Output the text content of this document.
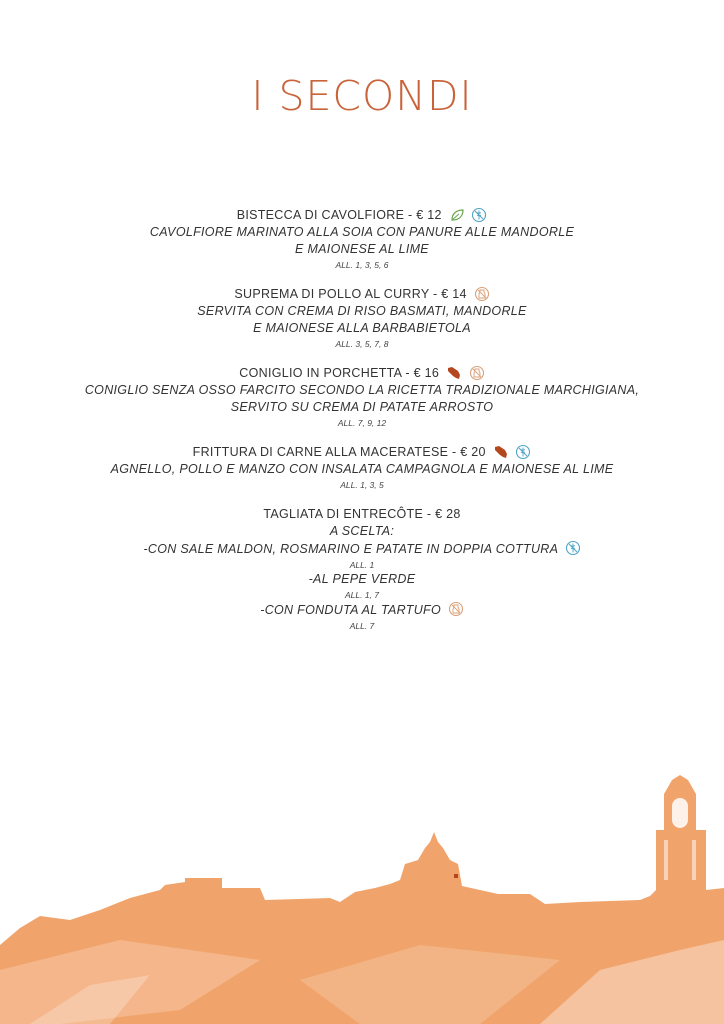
I SECONDI
BISTECCA DI CAVOLFIORE - € 12
CAVOLFIORE MARINATO ALLA SOIA CON PANURE ALLE MANDORLE
E MAIONESE AL LIME
ALL. 1, 3, 5, 6
SUPREMA DI POLLO AL CURRY - € 14
SERVITA CON CREMA DI RISO BASMATI, MANDORLE
E MAIONESE ALLA BARBABIETOLA
ALL. 3, 5, 7, 8
CONIGLIO IN PORCHETTA - € 16
CONIGLIO SENZA OSSO FARCITO SECONDO LA RICETTA TRADIZIONALE MARCHIGIANA,
SERVITO SU CREMA DI PATATE ARROSTO
ALL. 7, 9, 12
FRITTURA DI CARNE ALLA MACERATESE - € 20
AGNELLO, POLLO E MANZO CON INSALATA CAMPAGNOLA E MAIONESE AL LIME
ALL. 1, 3, 5
TAGLIATA DI ENTRECÔTE - € 28
A SCELTA:
-CON SALE MALDON, ROSMARINO E PATATE IN DOPPIA COTTURA
ALL. 1
-AL PEPE VERDE
ALL. 1, 7
-CON FONDUTA AL TARTUFO
ALL. 7
